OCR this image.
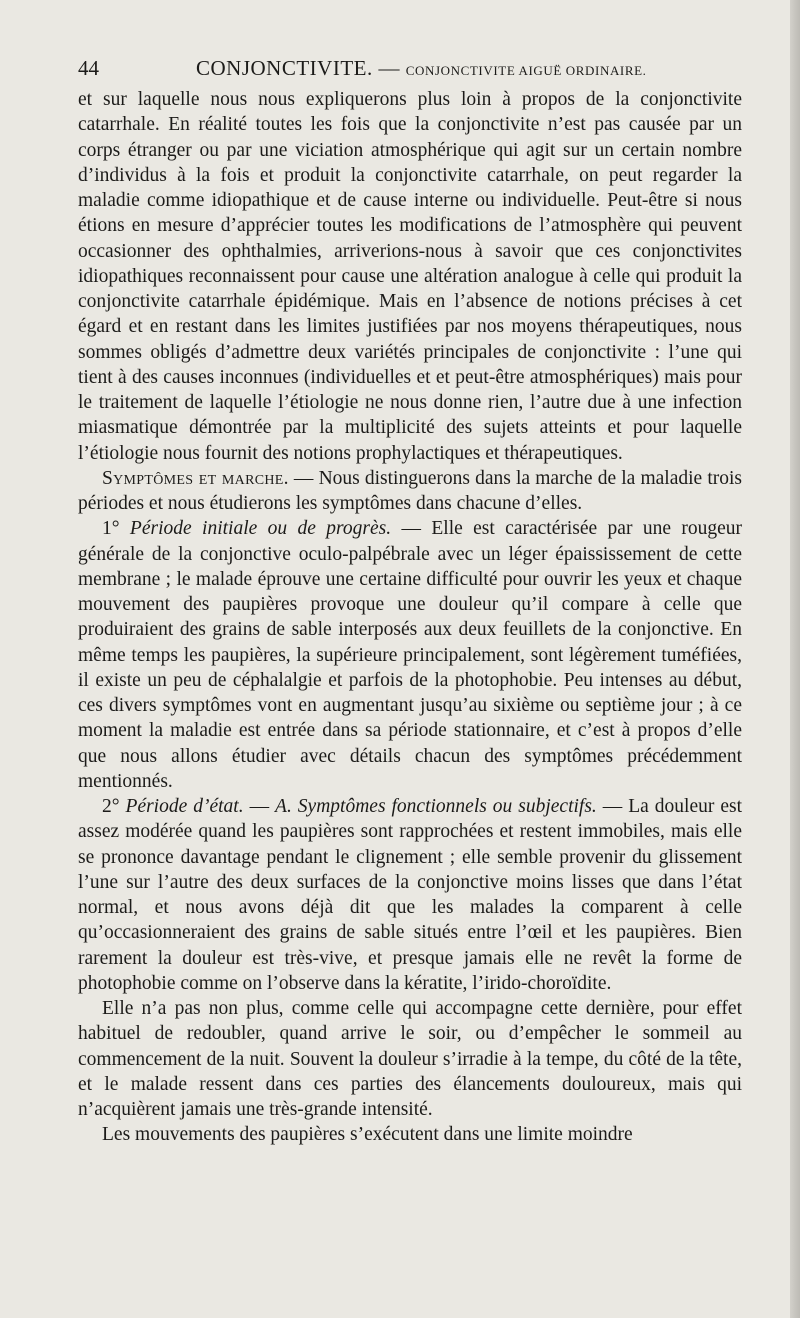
44	CONJONCTIVITE. — CONJONCTIVITE AIGUË ORDINAIRE.

et sur laquelle nous nous expliquerons plus loin à propos de la conjonctivite catarrhale. En réalité toutes les fois que la conjonctivite n’est pas causée par un corps étranger ou par une viciation atmosphérique qui agit sur un certain nombre d’individus à la fois et produit la conjonctivite catarrhale, on peut regarder la maladie comme idiopathique et de cause interne ou individuelle. Peut-être si nous étions en mesure d’apprécier toutes les modifications de l’atmosphère qui peuvent occasionner des ophthalmies, arriverions-nous à savoir que ces conjonctivites idiopathiques reconnaissent pour cause une altération analogue à celle qui produit la conjonctivite catarrhale épidémique. Mais en l’absence de notions précises à cet égard et en restant dans les limites justifiées par nos moyens thérapeutiques, nous sommes obligés d’admettre deux variétés principales de conjonctivite : l’une qui tient à des causes inconnues (individuelles et et peut-être atmosphériques) mais pour le traitement de laquelle l’étiologie ne nous donne rien, l’autre due à une infection miasmatique démontrée par la multiplicité des sujets atteints et pour laquelle l’étiologie nous fournit des notions prophylactiques et thérapeutiques.

Symptômes et marche. — Nous distinguerons dans la marche de la maladie trois périodes et nous étudierons les symptômes dans chacune d’elles.

1° Période initiale ou de progrès. — Elle est caractérisée par une rougeur générale de la conjonctive oculo-palpébrale avec un léger épaississement de cette membrane ; le malade éprouve une certaine difficulté pour ouvrir les yeux et chaque mouvement des paupières provoque une douleur qu’il compare à celle que produiraient des grains de sable interposés aux deux feuillets de la conjonctive. En même temps les paupières, la supérieure principalement, sont légèrement tuméfiées, il existe un peu de céphalalgie et parfois de la photophobie. Peu intenses au début, ces divers symptômes vont en augmentant jusqu’au sixième ou septième jour ; à ce moment la maladie est entrée dans sa période stationnaire, et c’est à propos d’elle que nous allons étudier avec détails chacun des symptômes précédemment mentionnés.

2° Période d’état. — A. Symptômes fonctionnels ou subjectifs. — La douleur est assez modérée quand les paupières sont rapprochées et restent immobiles, mais elle se prononce davantage pendant le clignement ; elle semble provenir du glissement l’une sur l’autre des deux surfaces de la conjonctive moins lisses que dans l’état normal, et nous avons déjà dit que les malades la comparent à celle qu’occasionneraient des grains de sable situés entre l’œil et les paupières. Bien rarement la douleur est très-vive, et presque jamais elle ne revêt la forme de photophobie comme on l’observe dans la kératite, l’irido-choroïdite.

Elle n’a pas non plus, comme celle qui accompagne cette dernière, pour effet habituel de redoubler, quand arrive le soir, ou d’empêcher le sommeil au commencement de la nuit. Souvent la douleur s’irradie à la tempe, du côté de la tête, et le malade ressent dans ces parties des élancements douloureux, mais qui n’acquièrent jamais une très-grande intensité.

Les mouvements des paupières s’exécutent dans une limite moindre
